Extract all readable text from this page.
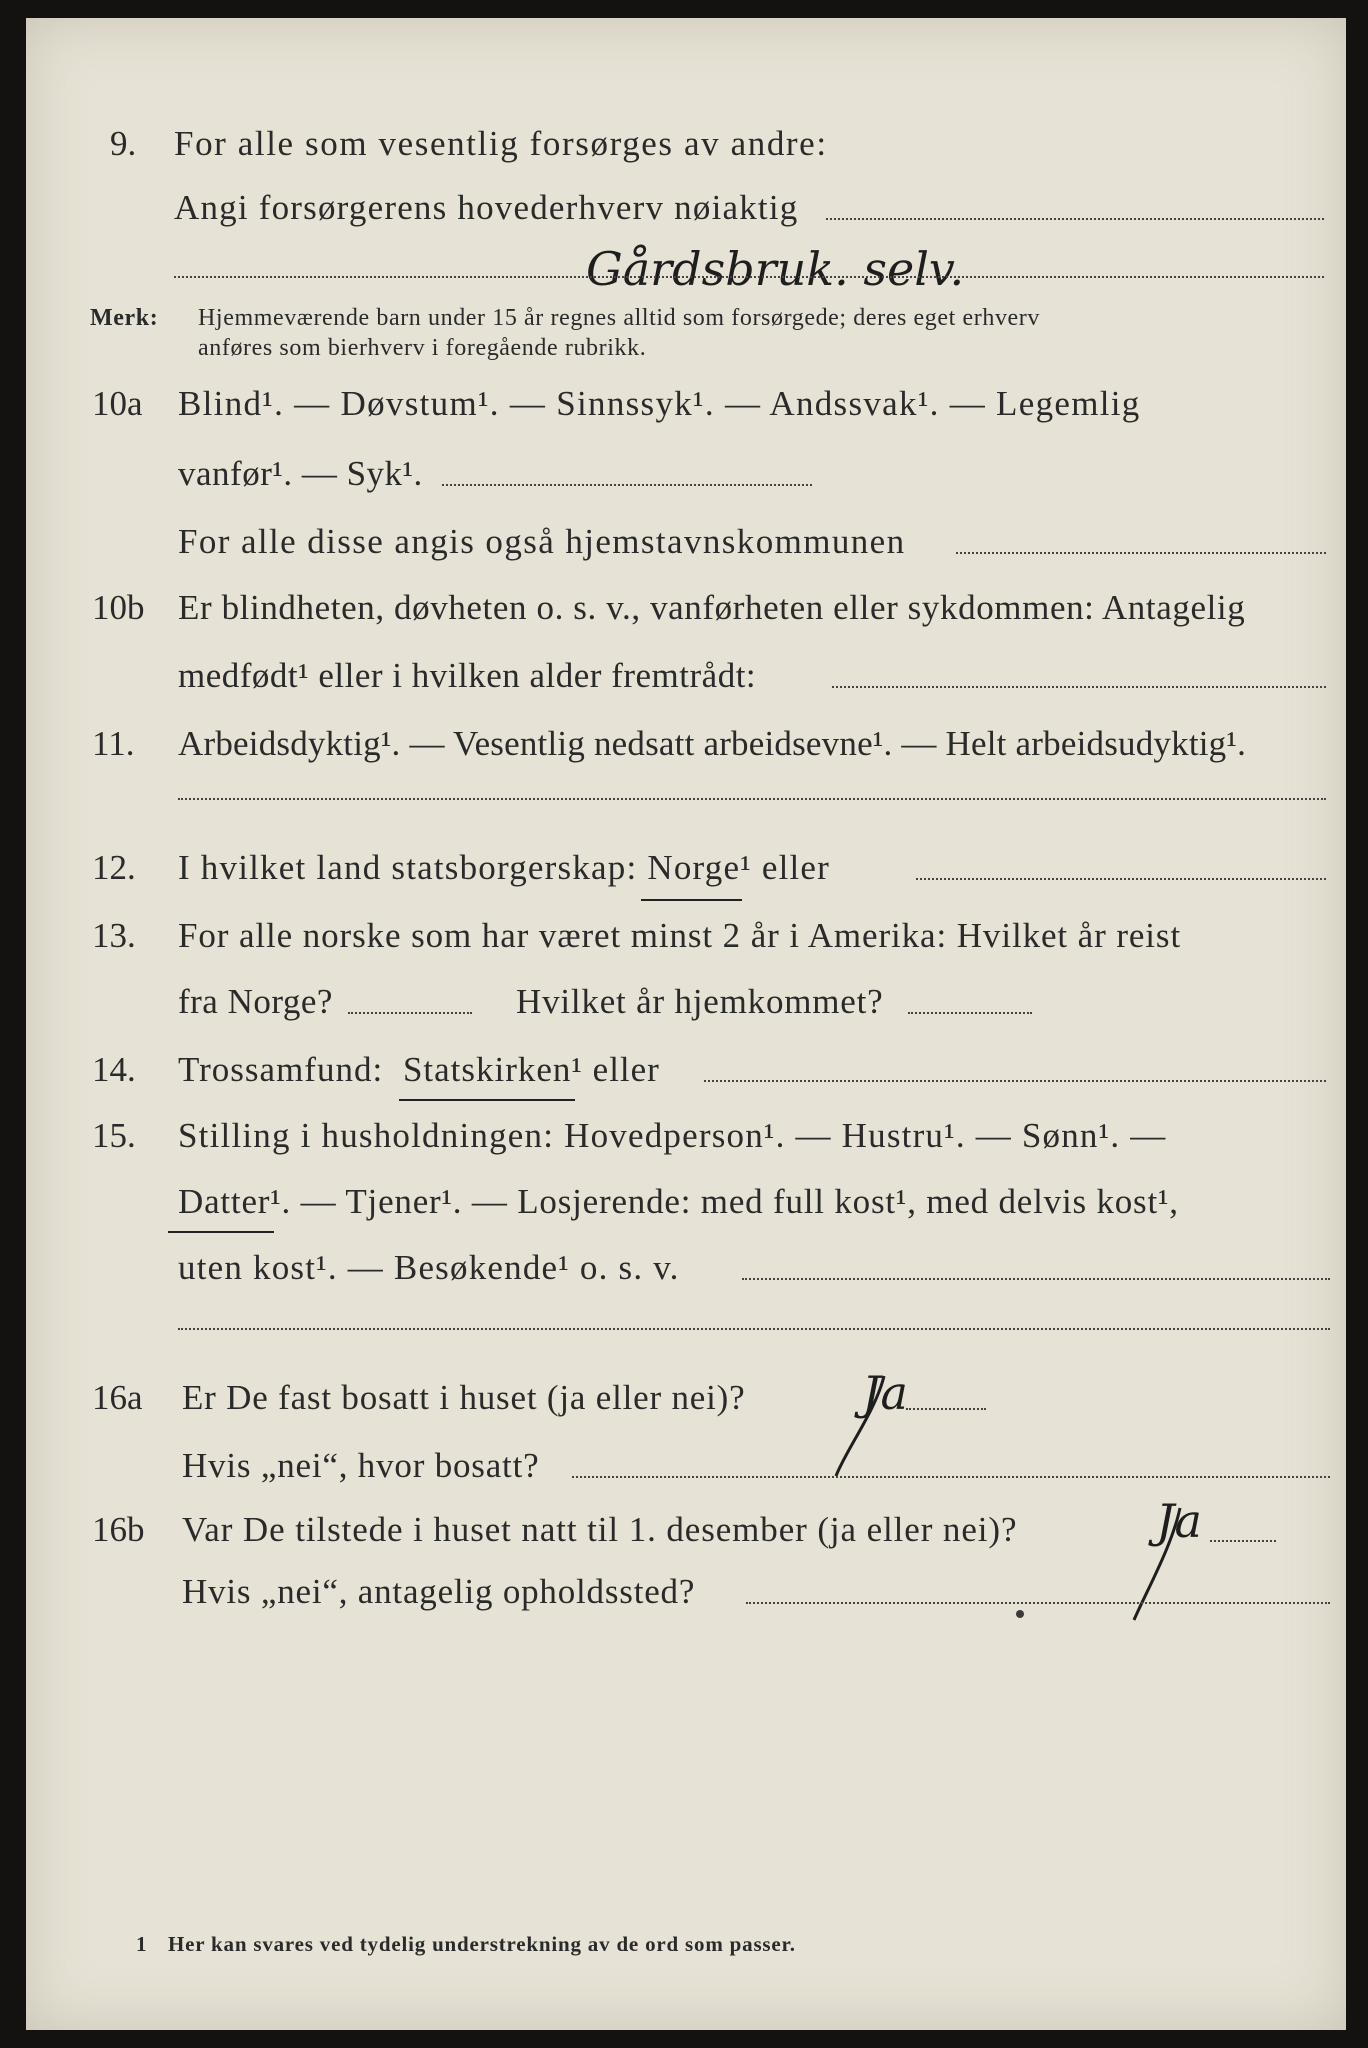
9. For alle som vesentlig forsørges av andre:
Angi forsørgerens hovederhverv nøiaktig
Gårdsbruk. selv.
Merk: Hjemmeværende barn under 15 år regnes alltid som forsørgede; deres eget erhverv
anføres som bierhverv i foregående rubrikk.
10a Blind¹. — Døvstum¹. — Sinnssyk¹. — Andssvak¹. — Legemlig
vanfør¹. — Syk¹.
For alle disse angis også hjemstavnskommunen
10b Er blindheten, døvheten o. s. v., vanførheten eller sykdommen: Antagelig
medfødt¹ eller i hvilken alder fremtrådt:
11. Arbeidsdyktig¹. — Vesentlig nedsatt arbeidsevne¹. — Helt arbeidsudyktig¹.
12. I hvilket land statsborgerskap: Norge
¹ eller
13. For alle norske som har været minst 2 år i Amerika: Hvilket år reist
fra Norge?	Hvilket år hjemkommet?
14. Trossamfund: Statskirken
¹ eller
15. Stilling i husholdningen: Hovedperson¹. — Hustru¹. — Sønn¹. —
Datter
¹. — Tjener¹. — Losjerende: med full kost¹, med delvis kost¹,
uten kost¹. — Besøkende¹ o. s. v.
16a Er De fast bosatt i huset (ja eller nei)?	Ja
Hvis „nei“, hvor bosatt?
16b Var De tilstede i huset natt til 1. desember (ja eller nei)?	Ja
Hvis „nei“, antagelig opholdssted?
1 Her kan svares ved tydelig understrekning av de ord som passer.
